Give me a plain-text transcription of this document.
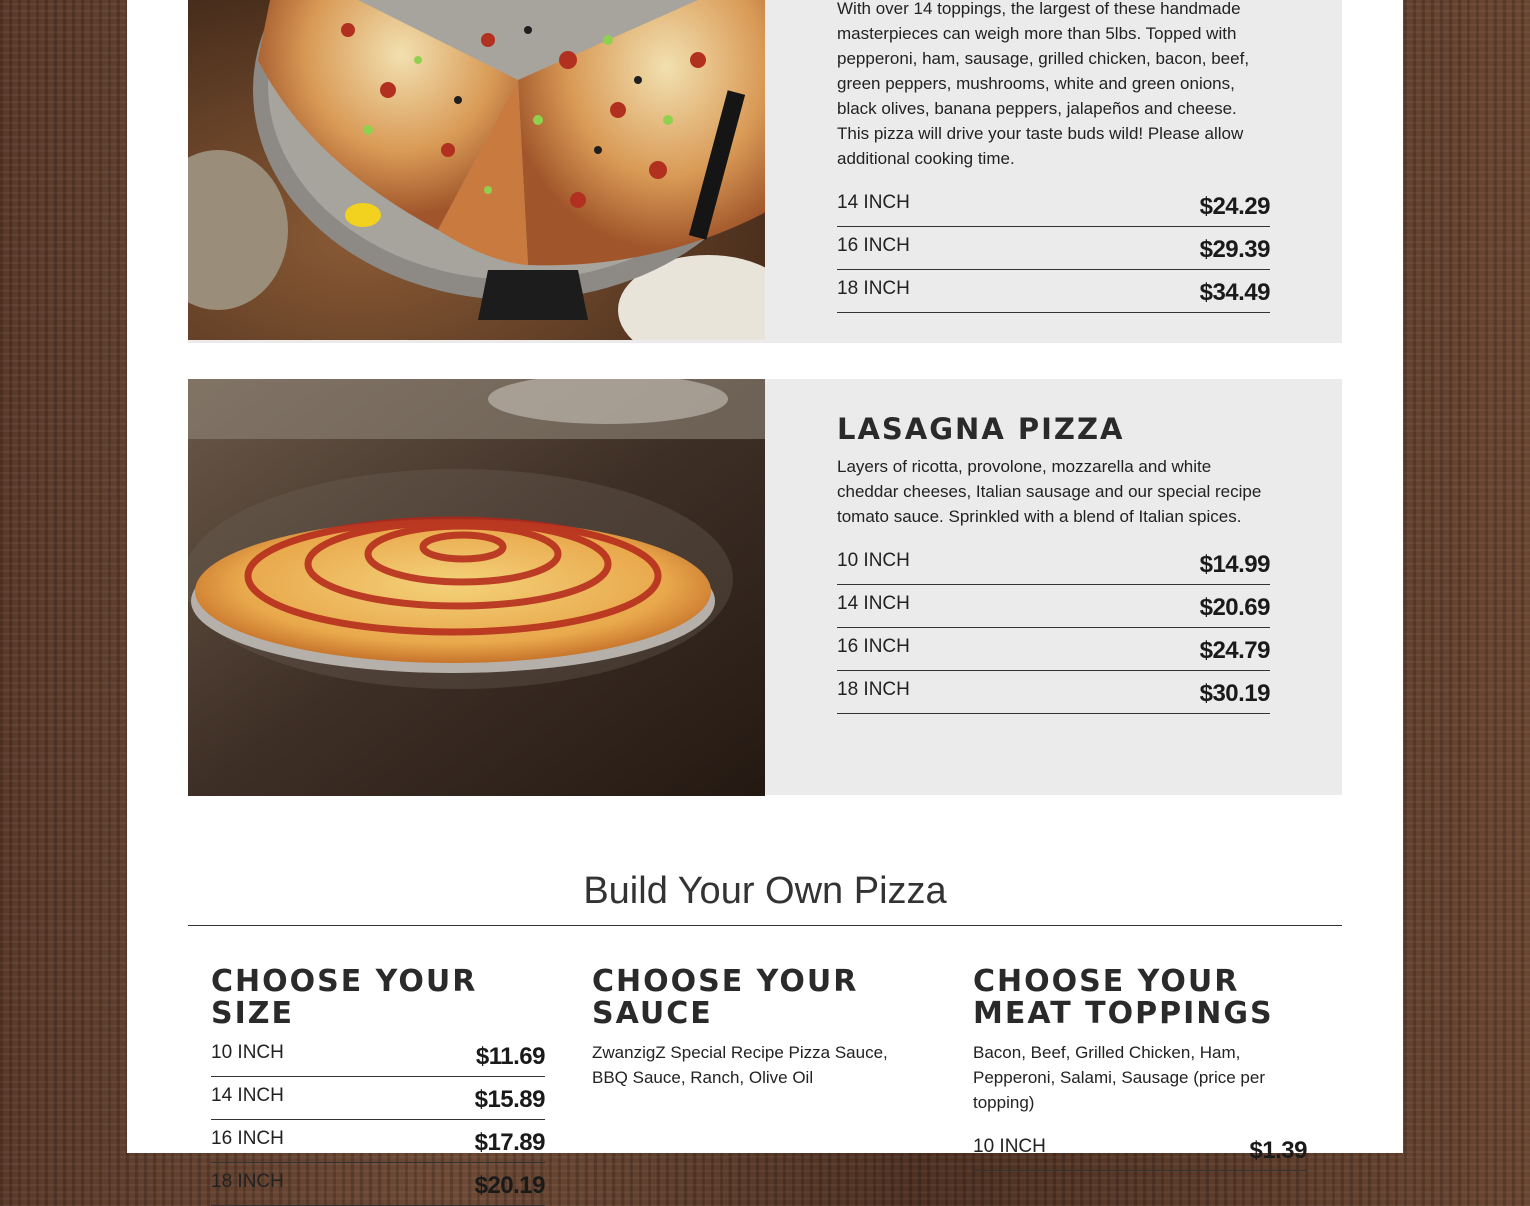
With over 14 toppings, the largest of these handmade masterpieces can weigh more than 5lbs. Topped with pepperoni, ham, sausage, grilled chicken, bacon, beef, green peppers, mushrooms, white and green onions, black olives, banana peppers, jalapeños and cheese. This pizza will drive your taste buds wild! Please allow additional cooking time.

14 INCH	$24.29
16 INCH	$29.39
18 INCH	$34.49
LASAGNA PIZZA

Layers of ricotta, provolone, mozzarella and white cheddar cheeses, Italian sausage and our special recipe tomato sauce. Sprinkled with a blend of Italian spices.

10 INCH	$14.99
14 INCH	$20.69
16 INCH	$24.79
18 INCH	$30.19
Build Your Own Pizza
CHOOSE YOUR SIZE
10 INCH	$11.69
14 INCH	$15.89
16 INCH	$17.89
18 INCH	$20.19
CHOOSE YOUR SAUCE

ZwanzigZ Special Recipe Pizza Sauce, BBQ Sauce, Ranch, Olive Oil

CHOOSE YOUR MEAT TOPPINGS

Bacon, Beef, Grilled Chicken, Ham, Pepperoni, Salami, Sausage (price per topping)

10 INCH	$1.39
